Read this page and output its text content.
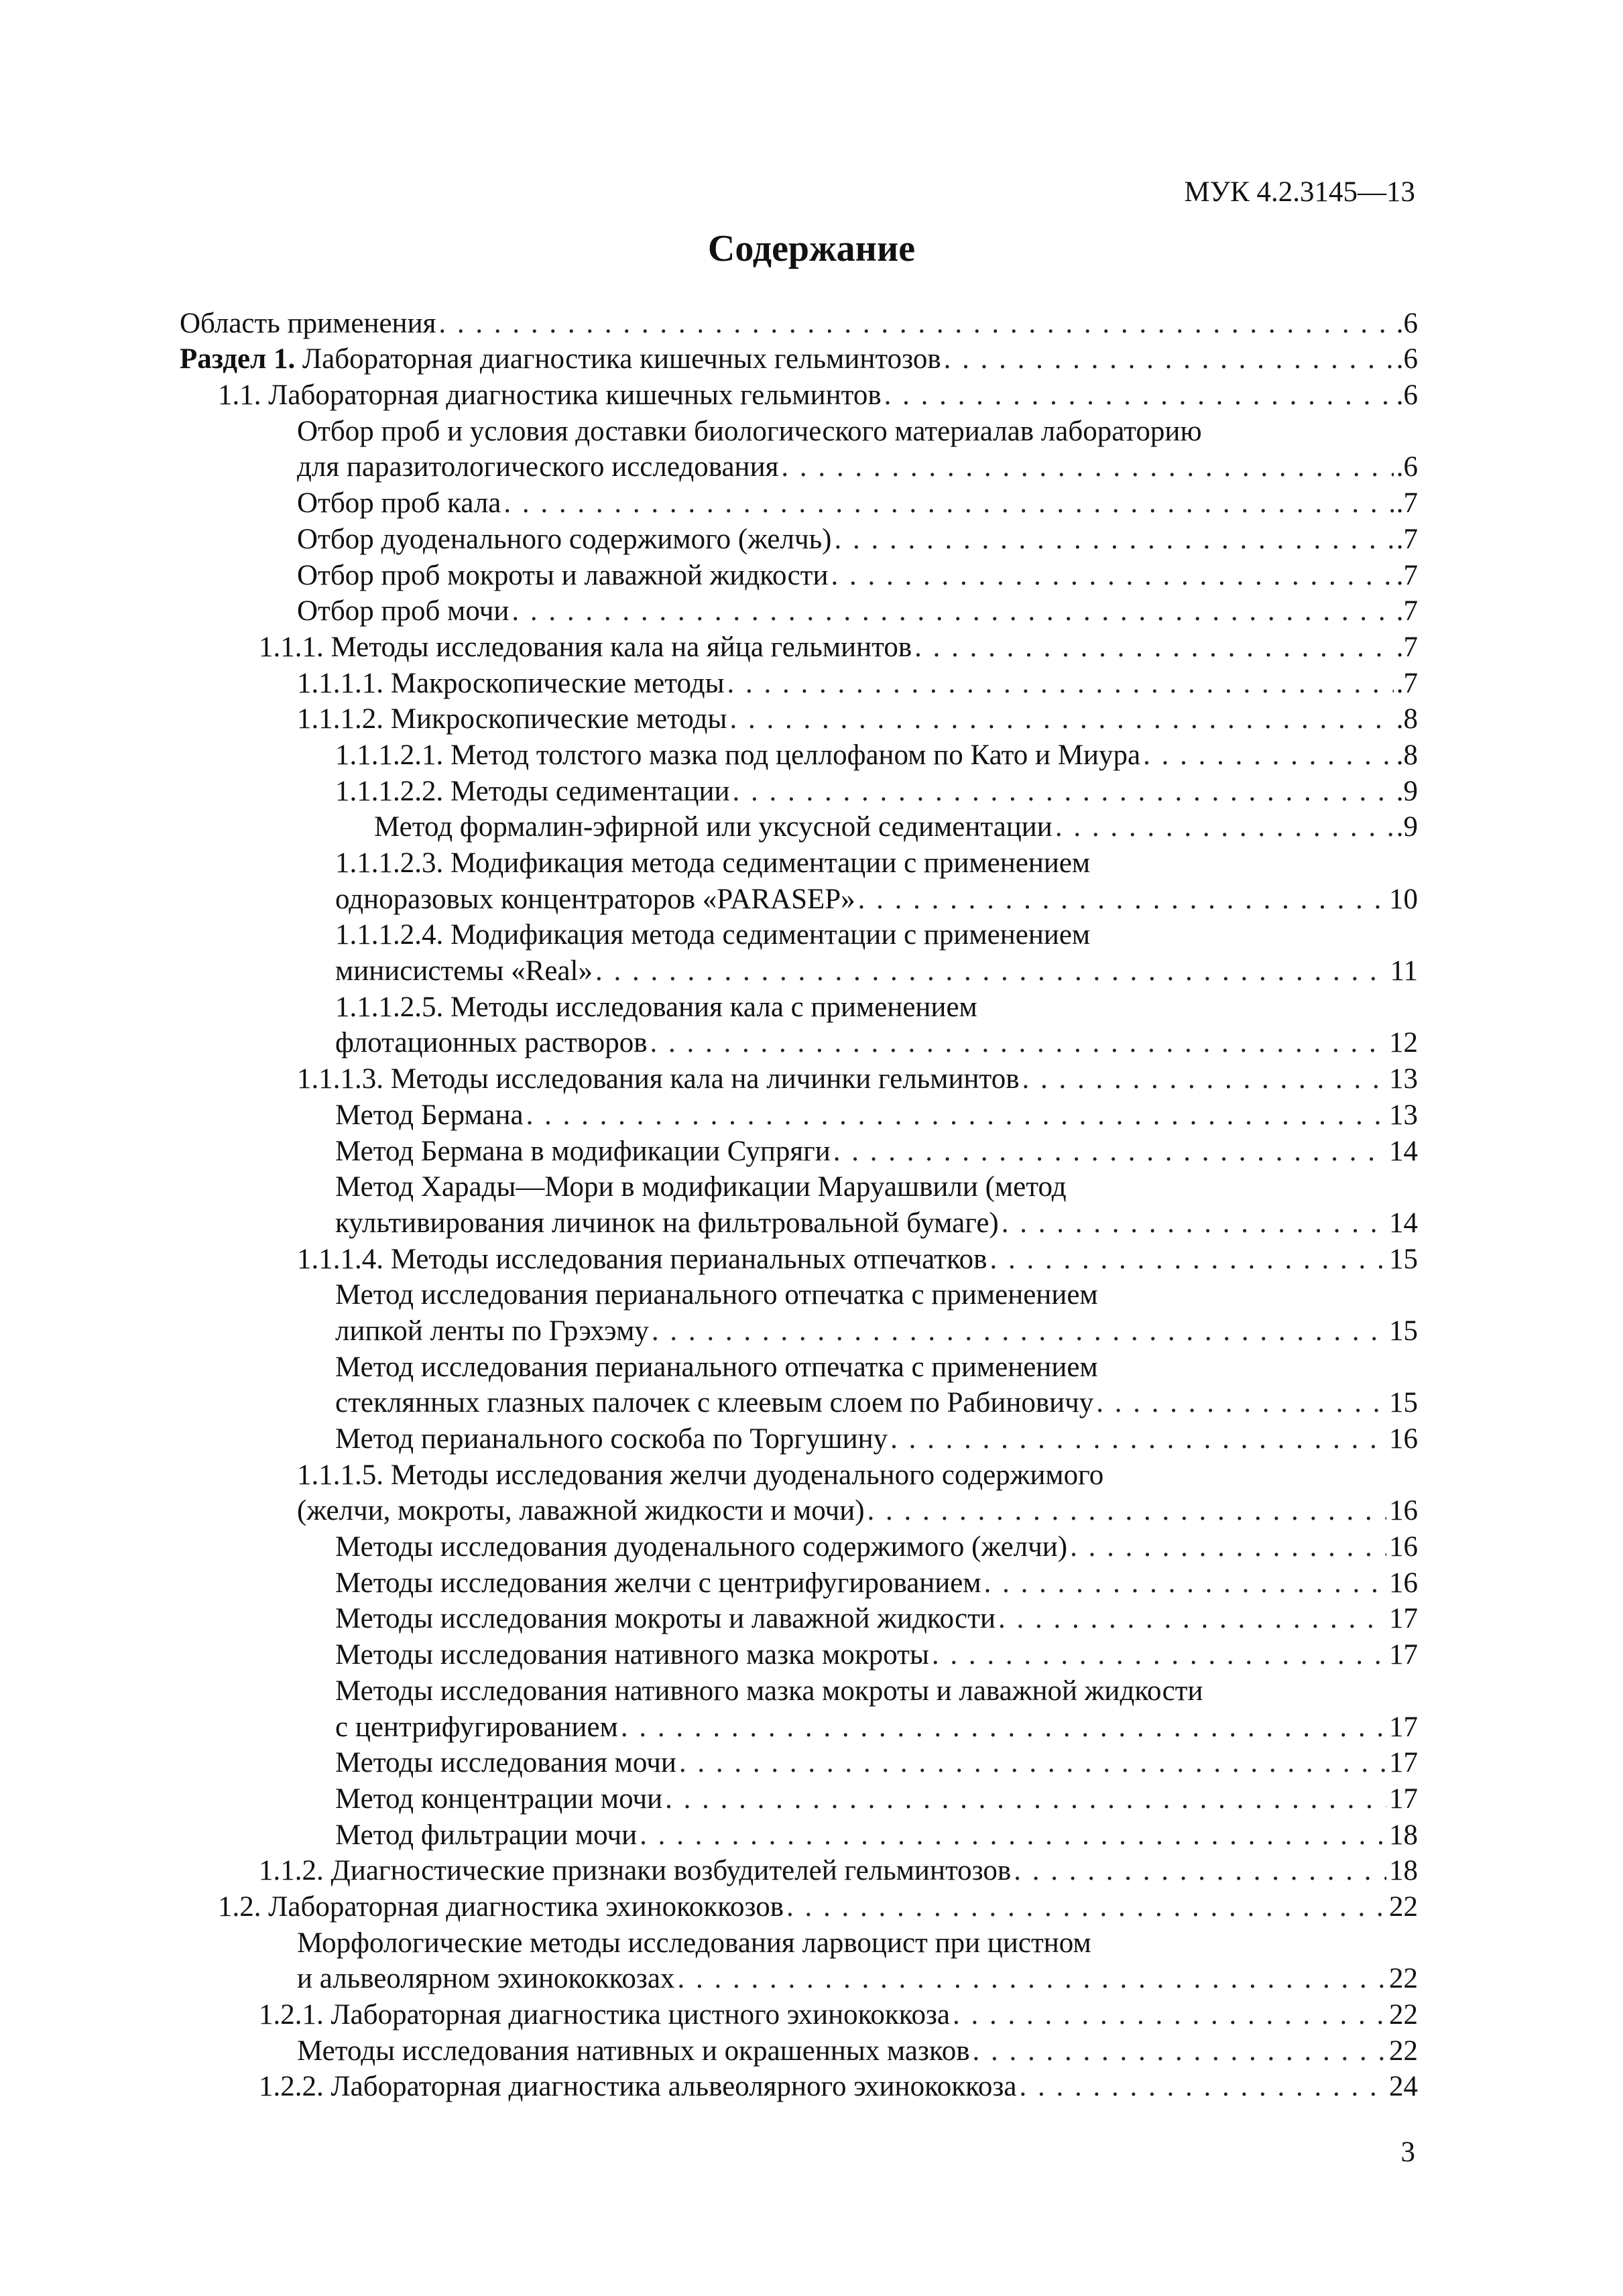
МУК 4.2.3145—13
Содержание
Область применения . . .	.6
Раздел 1. Лабораторная диагностика кишечных гельминтозов . . .	.6
1.1. Лабораторная диагностика кишечных гельминтов . . .	.6
Отбор проб и условия доставки биологического материалав лабораторию
для паразитологического исследования . . .	.6
Отбор проб кала . . .	.7
Отбор дуоденального содержимого (желчь) . . .	.7
Отбор проб мокроты и лаважной жидкости . . .	.7
Отбор проб мочи . . .	.7
1.1.1. Методы исследования кала на яйца гельминтов . . .	.7
1.1.1.1. Макроскопические методы . . .	.7
1.1.1.2. Микроскопические методы . . .	.8
1.1.1.2.1. Метод толстого мазка под целлофаном по Като и Миура . . .	.8
1.1.1.2.2. Методы седиментации . . .	.9
Метод формалин-эфирной или уксусной седиментации . . .	.9
1.1.1.2.3. Модификация метода седиментации с применением
одноразовых концентраторов «PARASEP» . . .	10
1.1.1.2.4. Модификация метода седиментации с применением
минисистемы «Real» . . .	11
1.1.1.2.5. Методы исследования кала с применением
флотационных растворов . . .	12
1.1.1.3. Методы исследования кала на личинки гельминтов . . .	13
Метод Бермана . . .	13
Метод Бермана в модификации Супряги . . .	14
Метод Харады—Мори в модификации Маруашвили (метод
культивирования личинок на фильтровальной бумаге) . . .	14
1.1.1.4. Методы исследования перианальных отпечатков . . .	15
Метод исследования перианального отпечатка с применением
липкой ленты по Грэхэму . . .	15
Метод исследования перианального отпечатка с применением
стеклянных глазных палочек с клеевым слоем по Рабиновичу . . .	15
Метод перианального соскоба по Торгушину . . .	16
1.1.1.5. Методы исследования желчи дуоденального содержимого
(желчи, мокроты, лаважной жидкости и мочи) . . .	16
Методы исследования дуоденального содержимого (желчи) . . .	16
Методы исследования желчи с центрифугированием . . .	16
Методы исследования мокроты и лаважной жидкости . . .	17
Методы исследования нативного мазка мокроты . . .	17
Методы исследования нативного мазка мокроты и лаважной жидкости
с центрифугированием . . .	17
Методы исследования мочи . . .	17
Метод концентрации мочи . . .	17
Метод фильтрации мочи . . .	18
1.1.2. Диагностические признаки возбудителей гельминтозов . . .	18
1.2. Лабораторная диагностика эхинококкозов . . .	22
Морфологические методы исследования ларвоцист при цистном
и альвеолярном эхинококкозах . . .	22
1.2.1. Лабораторная диагностика цистного эхинококкоза . . .	22
Методы исследования нативных и окрашенных мазков . . .	22
1.2.2. Лабораторная диагностика альвеолярного эхинококкоза . . .	24
3
